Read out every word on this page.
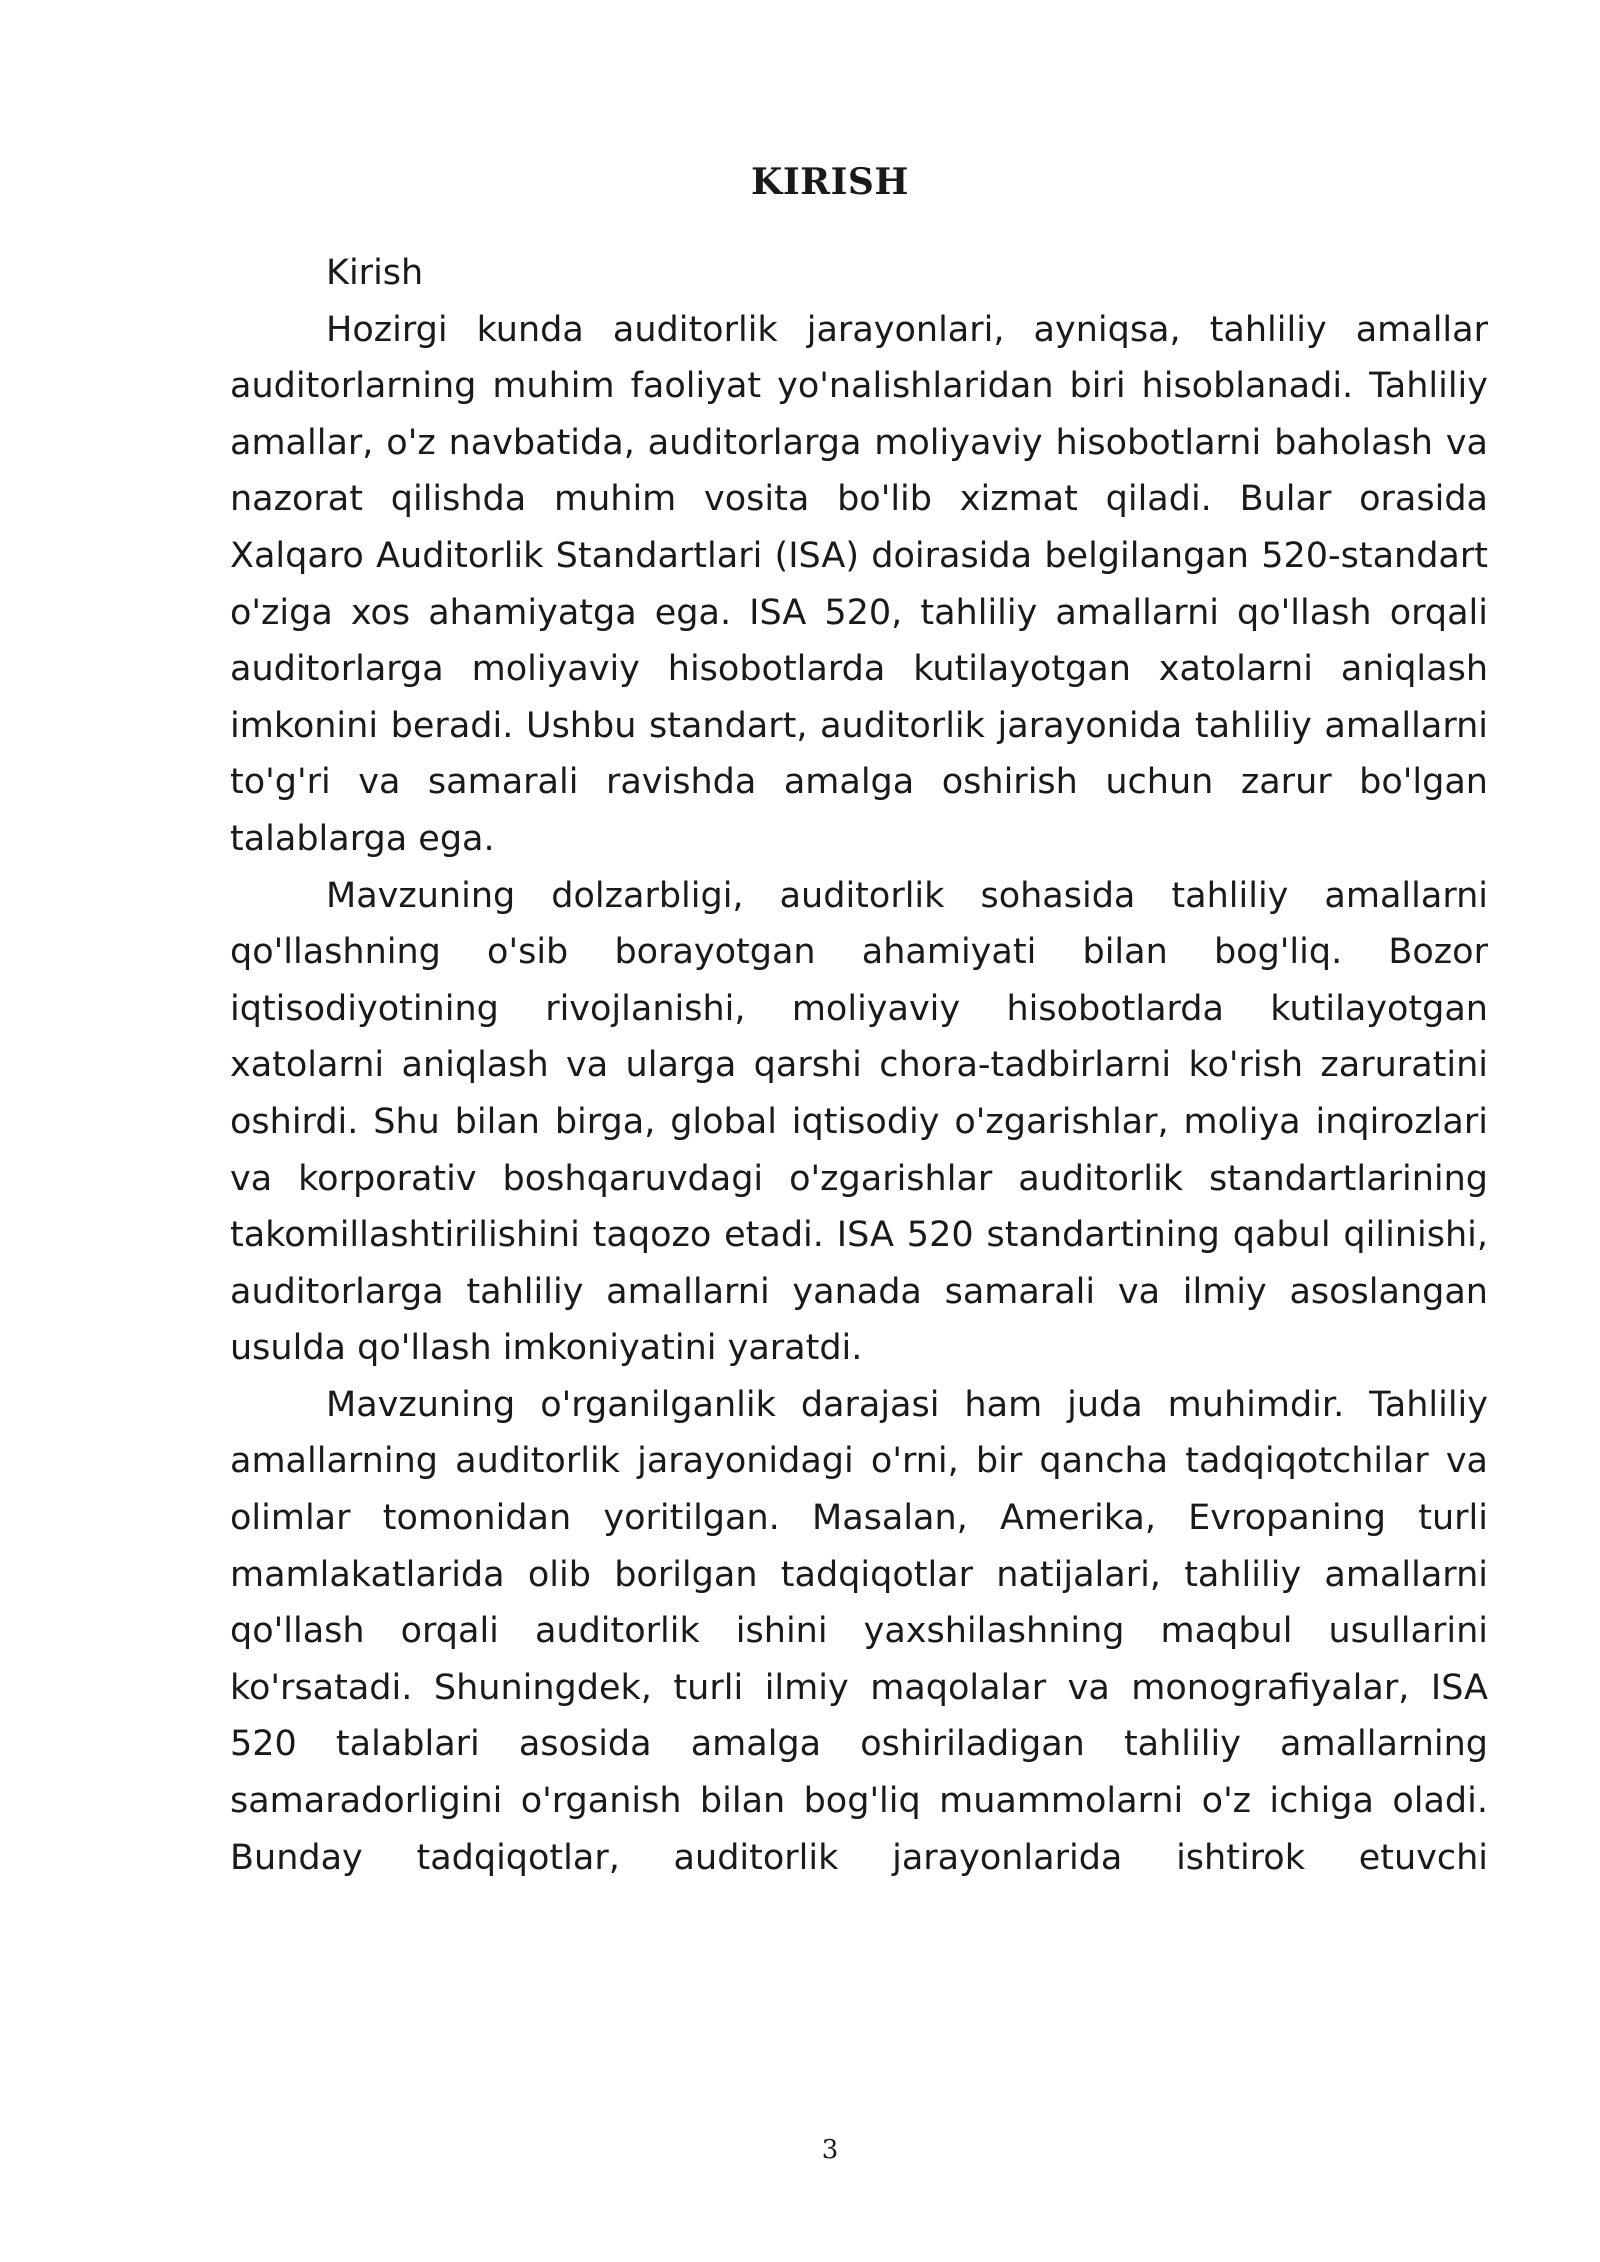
KIRISH

Kirish

Hozirgi kunda auditorlik jarayonlari, ayniqsa, tahliliy amallar auditorlarning muhim faoliyat yo'nalishlaridan biri hisoblanadi. Tahliliy amallar, o'z navbatida, auditorlarga moliyaviy hisobotlarni baholash va nazorat qilishda muhim vosita bo'lib xizmat qiladi. Bular orasida Xalqaro Auditorlik Standartlari (ISA) doirasida belgilangan 520-standart o'ziga xos ahamiyatga ega. ISA 520, tahliliy amallarni qo'llash orqali auditorlarga moliyaviy hisobotlarda kutilayotgan xatolarni aniqlash imkonini beradi. Ushbu standart, auditorlik jarayonida tahliliy amallarni to'g'ri va samarali ravishda amalga oshirish uchun zarur bo'lgan talablarga ega.

Mavzuning dolzarbligi, auditorlik sohasida tahliliy amallarni qo'llashning o'sib borayotgan ahamiyati bilan bog'liq. Bozor iqtisodiyotining rivojlanishi, moliyaviy hisobotlarda kutilayotgan xatolarni aniqlash va ularga qarshi chora-tadbirlarni ko'rish zaruratini oshirdi. Shu bilan birga, global iqtisodiy o'zgarishlar, moliya inqirozlari va korporativ boshqaruvdagi o'zgarishlar auditorlik standartlarining takomillashtirilishini taqozo etadi. ISA 520 standartining qabul qilinishi, auditorlarga tahliliy amallarni yanada samarali va ilmiy asoslangan usulda qo'llash imkoniyatini yaratdi.

Mavzuning o'rganilganlik darajasi ham juda muhimdir. Tahliliy amallarning auditorlik jarayonidagi o'rni, bir qancha tadqiqotchilar va olimlar tomonidan yoritilgan. Masalan, Amerika, Evropaning turli mamlakatlarida olib borilgan tadqiqotlar natijalari, tahliliy amallarni qo'llash orqali auditorlik ishini yaxshilashning maqbul usullarini ko'rsatadi. Shuningdek, turli ilmiy maqolalar va monografiyalar, ISA 520 talablari asosida amalga oshiriladigan tahliliy amallarning samaradorligini o'rganish bilan bog'liq muammolarni o'z ichiga oladi. Bunday tadqiqotlar, auditorlik jarayonlarida ishtirok etuvchi

3
